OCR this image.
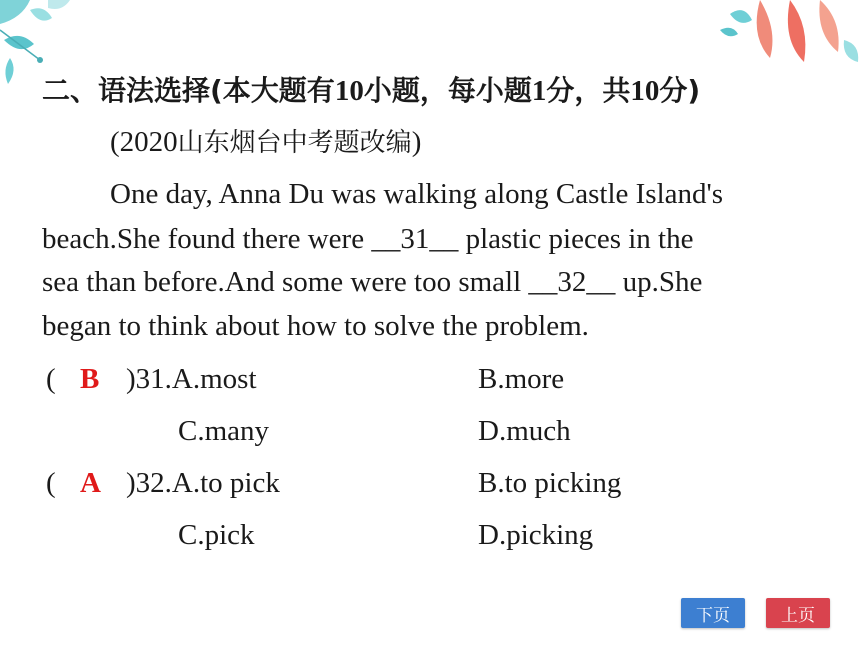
二、语法选择(本大题有10小题，每小题1分，共10分)
(2020山东烟台中考题改编)
One day, Anna Du was walking along Castle Island's
beach.She found there were __31__ plastic pieces in the
sea than before.And some were too small __32__ up.She
began to think about how to solve the problem.
( B )31.A.most	B.more
C.many	D.much
( A )32.A.to pick	B.to picking
C.pick	D.picking
下页	上页
